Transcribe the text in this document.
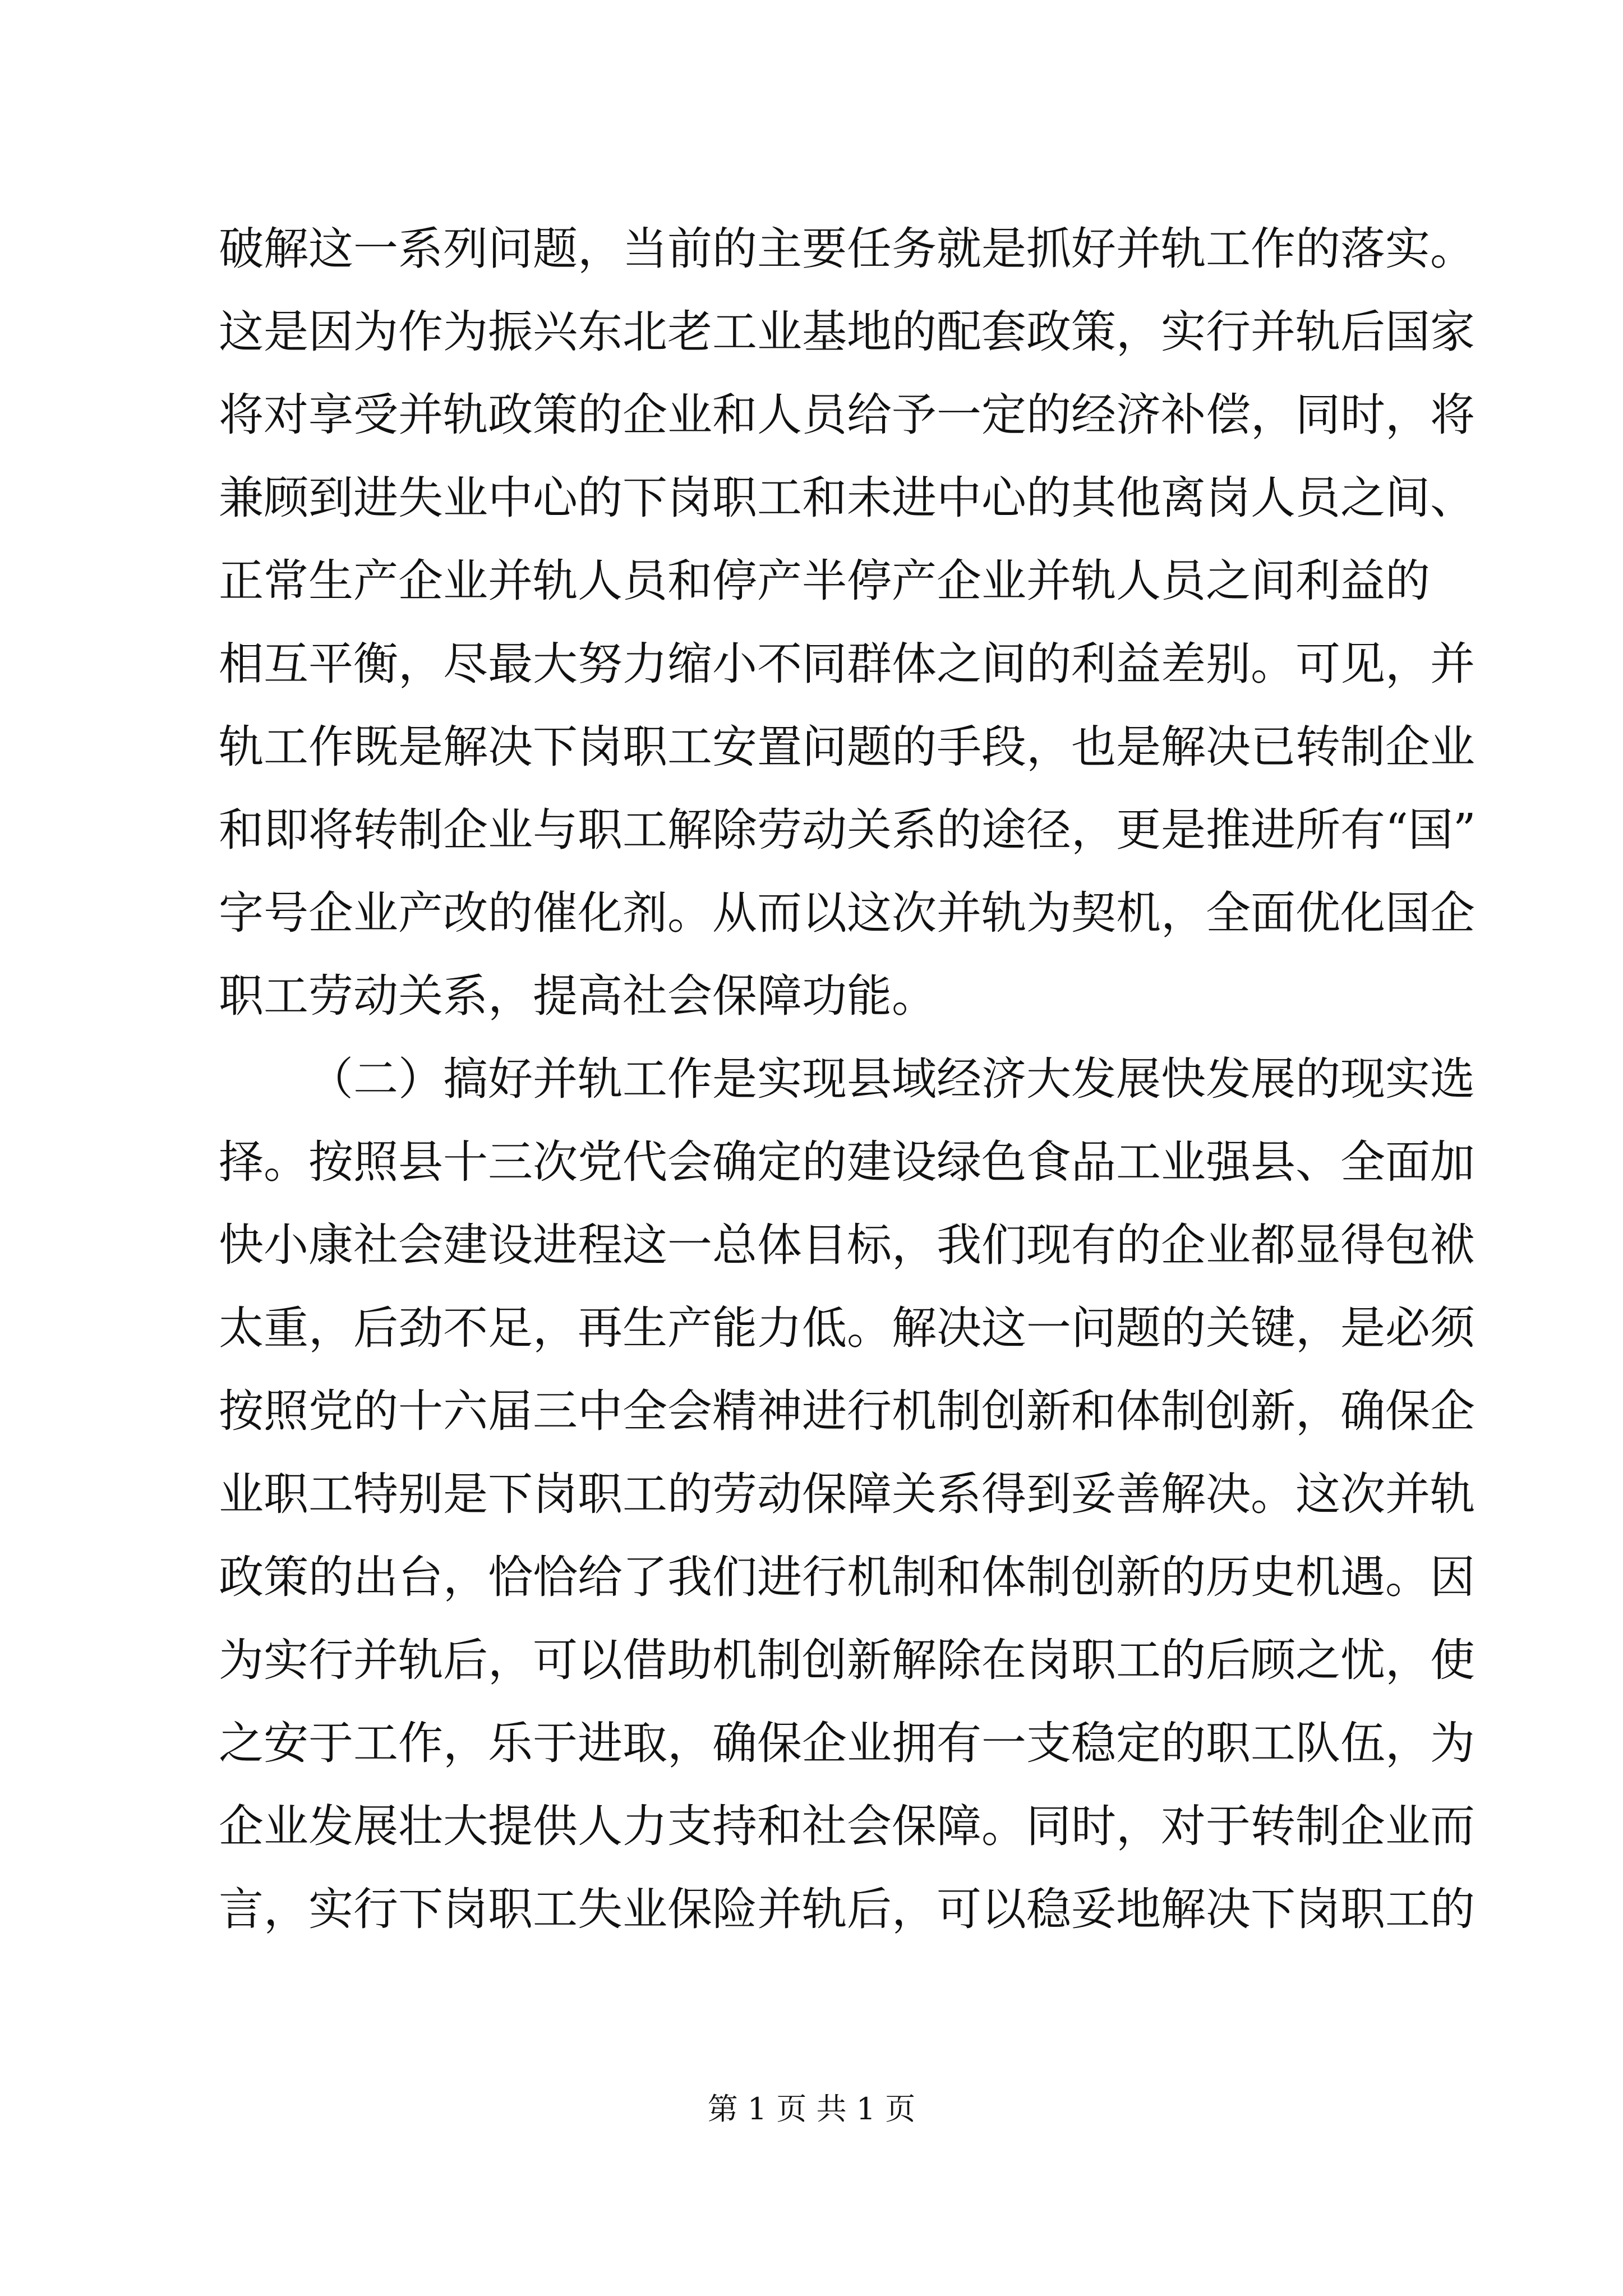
破解这一系列问题，当前的主要任务就是抓好并轨工作的落实。
这是因为作为振兴东北老工业基地的配套政策，实行并轨后国家
将对享受并轨政策的企业和人员给予一定的经济补偿，同时，将
兼顾到进失业中心的下岗职工和未进中心的其他离岗人员之间、
正常生产企业并轨人员和停产半停产企业并轨人员之间利益的
相互平衡，尽最大努力缩小不同群体之间的利益差别。可见，并
轨工作既是解决下岗职工安置问题的手段，也是解决已转制企业
和即将转制企业与职工解除劳动关系的途径，更是推进所有“国”
字号企业产改的催化剂。从而以这次并轨为契机，全面优化国企
职工劳动关系，提高社会保障功能。
（二）搞好并轨工作是实现县域经济大发展快发展的现实选
择。按照县十三次党代会确定的建设绿色食品工业强县、全面加
快小康社会建设进程这一总体目标，我们现有的企业都显得包袱
太重，后劲不足，再生产能力低。解决这一问题的关键，是必须
按照党的十六届三中全会精神进行机制创新和体制创新，确保企
业职工特别是下岗职工的劳动保障关系得到妥善解决。这次并轨
政策的出台，恰恰给了我们进行机制和体制创新的历史机遇。因
为实行并轨后，可以借助机制创新解除在岗职工的后顾之忧，使
之安于工作，乐于进取，确保企业拥有一支稳定的职工队伍，为
企业发展壮大提供人力支持和社会保障。同时，对于转制企业而
言，实行下岗职工失业保险并轨后，可以稳妥地解决下岗职工的
第 1 页 共 1 页
